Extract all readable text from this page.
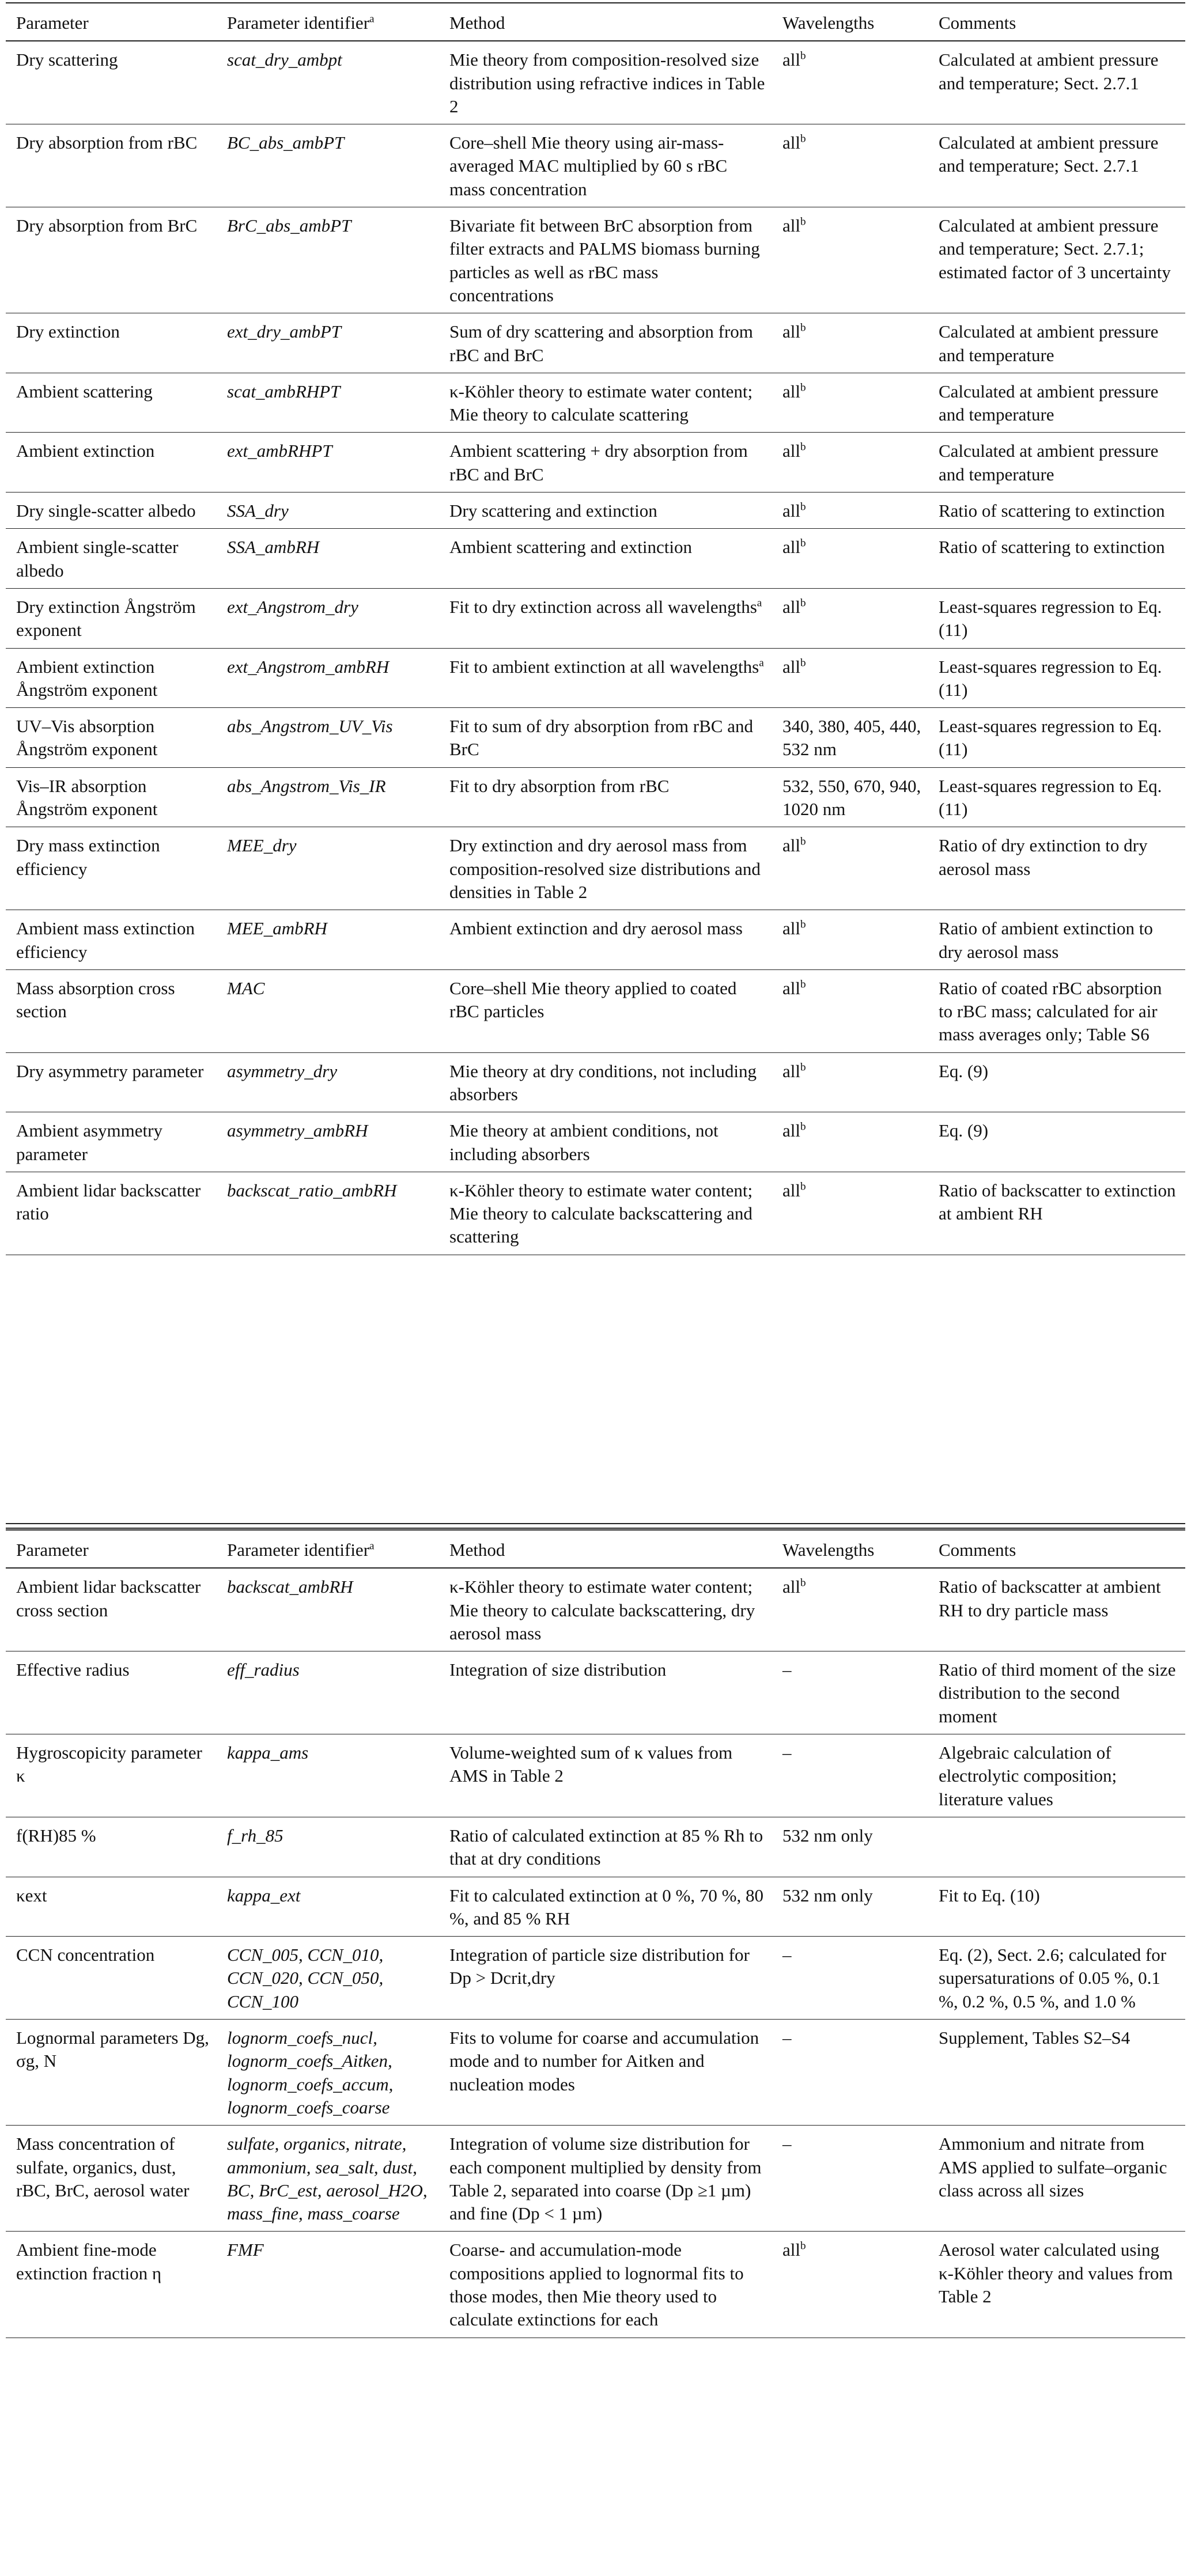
Parameter	Parameter identifier$^a$	Method	Wavelengths	Comments
Dry scattering	scat_dry_ambpt	Mie theory from composition-resolved size distribution using refractive indices in Table 2	all$^b$	Calculated at ambient pressure and temperature; Sect. 2.7.1
Dry absorption from rBC	BC_abs_ambPT	Core–shell Mie theory using air-mass-averaged MAC multiplied by 60 s rBC mass concentration	all$^b$	Calculated at ambient pressure and temperature; Sect. 2.7.1
Dry absorption from BrC	BrC_abs_ambPT	Bivariate fit between BrC absorption from filter extracts and PALMS biomass burning particles as well as rBC mass concentrations	all$^b$	Calculated at ambient pressure and temperature; Sect. 2.7.1; estimated factor of 3 uncertainty
Dry extinction	ext_dry_ambPT	Sum of dry scattering and absorption from rBC and BrC	all$^b$	Calculated at ambient pressure and temperature
Ambient scattering	scat_ambRHPT	κ-Köhler theory to estimate water content; Mie theory to calculate scattering	all$^b$	Calculated at ambient pressure and temperature
Ambient extinction	ext_ambRHPT	Ambient scattering + dry absorption from rBC and BrC	all$^b$	Calculated at ambient pressure and temperature
Dry single-scatter albedo	SSA_dry	Dry scattering and extinction	all$^b$	Ratio of scattering to extinction
Ambient single-scatter albedo	SSA_ambRH	Ambient scattering and extinction	all$^b$	Ratio of scattering to extinction
Dry extinction Ångström exponent	ext_Angstrom_dry	Fit to dry extinction across all wavelengths$^a$	all$^b$	Least-squares regression to Eq. (11)
Ambient extinction Ångström exponent	ext_Angstrom_ambRH	Fit to ambient extinction at all wavelengths$^a$	all$^b$	Least-squares regression to Eq. (11)
UV–Vis absorption Ångström exponent	abs_Angstrom_UV_Vis	Fit to sum of dry absorption from rBC and BrC	340, 380, 405, 440, 532 nm	Least-squares regression to Eq. (11)
Vis–IR absorption Ångström exponent	abs_Angstrom_Vis_IR	Fit to dry absorption from rBC	532, 550, 670, 940, 1020 nm	Least-squares regression to Eq. (11)
Dry mass extinction efficiency	MEE_dry	Dry extinction and dry aerosol mass from composition-resolved size distributions and densities in Table 2	all$^b$	Ratio of dry extinction to dry aerosol mass
Ambient mass extinction efficiency	MEE_ambRH	Ambient extinction and dry aerosol mass	all$^b$	Ratio of ambient extinction to dry aerosol mass
Mass absorption cross section	MAC	Core–shell Mie theory applied to coated rBC particles	all$^b$	Ratio of coated rBC absorption to rBC mass; calculated for air mass averages only; Table S6
Dry asymmetry parameter	asymmetry_dry	Mie theory at dry conditions, not including absorbers	all$^b$	Eq. (9)
Ambient asymmetry parameter	asymmetry_ambRH	Mie theory at ambient conditions, not including absorbers	all$^b$	Eq. (9)
Ambient lidar backscatter ratio	backscat_ratio_ambRH	κ-Köhler theory to estimate water content; Mie theory to calculate backscattering and scattering	all$^b$	Ratio of backscatter to extinction at ambient RH
Parameter	Parameter identifier$^a$	Method	Wavelengths	Comments
Ambient lidar backscatter cross section	backscat_ambRH	κ-Köhler theory to estimate water content; Mie theory to calculate backscattering, dry aerosol mass	all$^b$	Ratio of backscatter at ambient RH to dry particle mass
Effective radius	eff_radius	Integration of size distribution	–	Ratio of third moment of the size distribution to the second moment
Hygroscopicity parameter κ	kappa_ams	Volume-weighted sum of κ values from AMS in Table 2	–	Algebraic calculation of electrolytic composition; literature values
f(RH)85 %	f_rh_85	Ratio of calculated extinction at 85 % Rh to that at dry conditions	532 nm only	
κext	kappa_ext	Fit to calculated extinction at 0 %, 70 %, 80 %, and 85 % RH	532 nm only	Fit to Eq. (10)
CCN concentration	CCN_005, CCN_010, CCN_020, CCN_050, CCN_100	Integration of particle size distribution for Dp > Dcrit,dry	–	Eq. (2), Sect. 2.6; calculated for supersaturations of 0.05 %, 0.1 %, 0.2 %, 0.5 %, and 1.0 %
Lognormal parameters Dg, σg, N	lognorm_coefs_nucl, lognorm_coefs_Aitken, lognorm_coefs_accum, lognorm_coefs_coarse	Fits to volume for coarse and accumulation mode and to number for Aitken and nucleation modes	–	Supplement, Tables S2–S4
Mass concentration of sulfate, organics, dust, rBC, BrC, aerosol water	sulfate, organics, nitrate, ammonium, sea_salt, dust, BC, BrC_est, aerosol_H2O, mass_fine, mass_coarse	Integration of volume size distribution for each component multiplied by density from Table 2, separated into coarse (Dp ≥1 µm) and fine (Dp < 1 µm)	–	Ammonium and nitrate from AMS applied to sulfate–organic class across all sizes
Ambient fine-mode extinction fraction η	FMF	Coarse- and accumulation-mode compositions applied to lognormal fits to those modes, then Mie theory used to calculate extinctions for each	all$^b$	Aerosol water calculated using κ-Köhler theory and values from Table 2
